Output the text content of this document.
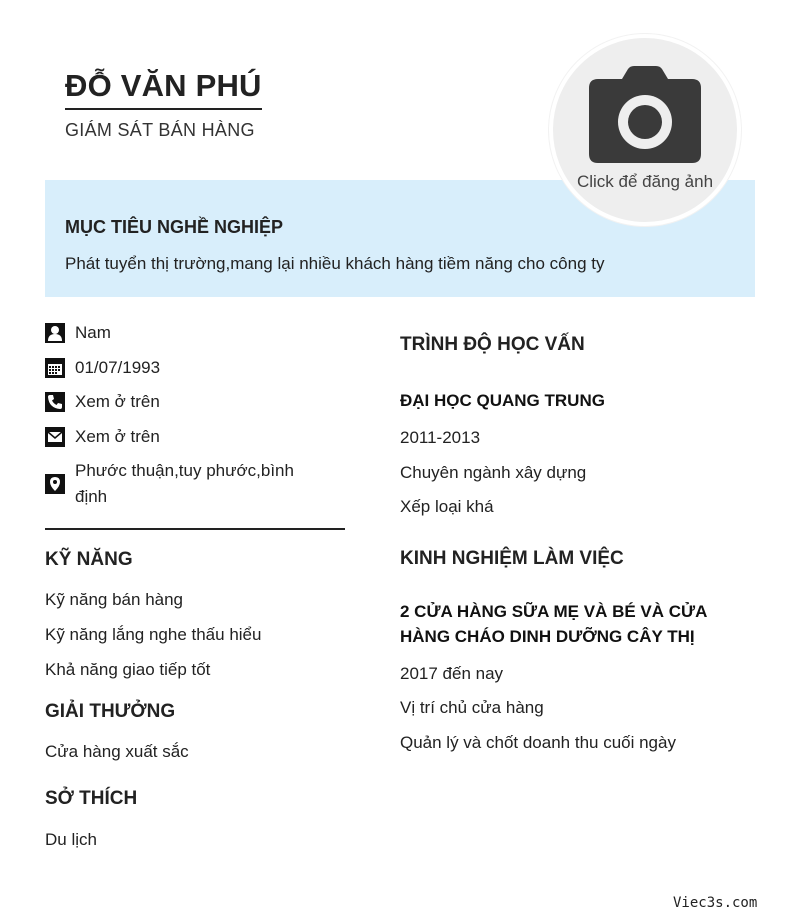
ĐỖ VĂN PHÚ
GIÁM SÁT BÁN HÀNG
MỤC TIÊU NGHỀ NGHIỆP
Phát tuyển thị trường,mang lại nhiều khách hàng tiềm năng cho công ty
Click để đăng ảnh
Nam
01/07/1993
Xem ở trên
Xem ở trên
Phước thuận,tuy phước,bình định
KỸ NĂNG
Kỹ năng bán hàng
Kỹ năng lắng nghe thấu hiểu
Khả năng giao tiếp tốt
GIẢI THƯỞNG
Cửa hàng xuất sắc
SỞ THÍCH
Du lịch
TRÌNH ĐỘ HỌC VẤN
ĐẠI HỌC QUANG TRUNG
2011-2013
Chuyên ngành xây dựng
Xếp loại khá
KINH NGHIỆM LÀM VIỆC
2 CỬA HÀNG SỮA MẸ VÀ BÉ VÀ CỬA HÀNG CHÁO DINH DƯỠNG CÂY THỊ
2017 đến nay
Vị trí chủ cửa hàng
Quản lý và chốt doanh thu cuối ngày
Viec3s.com
